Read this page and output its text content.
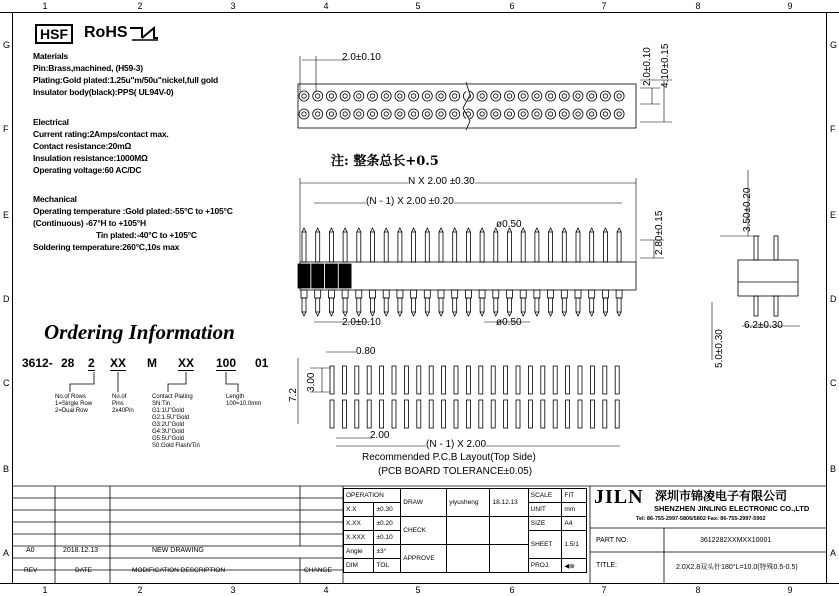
1	2	3	4	5	6	7	8	9
1	2	3	4	5	6	7	8	9
G
F
E
D
C
B
A
G
F
E
D
C
B
A
HSF	RoHS
Materials
Pin:Brass,machined, (H59-3)
Plating:Gold plated:1.25u"m/50u"nickel,full gold
Insulator body(black):PPS( UL94V-0)
Electrical
Current rating:2Amps/contact max.
Contact resistance:20mΩ
Insulation resistance:1000MΩ
Operating voltage:60 AC/DC
Mechanical
Operating temperature :Gold plated:-55°C to +105°C
(Continuous) -67°H to +105°H
Tin plated:-40°C to +105°C
Soldering temperature:260°C,10s max
Ordering Information
3612- 28 2 XX M XX 100 01
No.of Rows
1=Single Row
2=Dual Row
No.of
Pins
2x40Pin
Contact Plating
SN:Tin
G1:1U"Gold
G2:1.5U"Gold
G3:2U"Gold
G4:3U"Gold
G5:5U"Gold
S0:Gold Flash/Tin
Length
100=10.0mm
2.0±0.10	2.0±0.10 4.10±0.15
注: 整条总长+0.5
N X 2.00 ±0.30
(N - 1) X 2.00 ±0.20
ø0.50	2.80±0.15
2.0±0.10	ø0.50
3.50±0.20
5.0±0.30
6.2±0.30
0.80
3.00
7.2
2.00
(N - 1) X 2.00
Recommended P.C.B Layout(Top Side)
(PCB BOARD TOLERANCE±0.05)
A0	2018.12.13	NEW DRAWING
REV	DATE	MODIFICATION DESCRIPTION	CHANGE
OPERATION		DRAW	yiyusheng	18.12.13	SCALE	FIT
X.X	±0.30				UNIT	mm
X.XX	±0.20	CHECK			SIZE	A4
X.XXX	±0.10				SHEET	1.5/1
Angle	±3°	APPROVE				
DIM	TOL				PROJ.	◀⊕
JILN 深圳市锦凌电子有限公司
SHENZHEN JINLING ELECTRONIC CO.,LTD
Tel: 86-755-2997-5806/5802 Fax: 86-755-2997-5902
PART NO.	3612282XXMXX10001
TITLE:	2.0X2.8双头针180°L=10.0(特殊0.5-0.5)
